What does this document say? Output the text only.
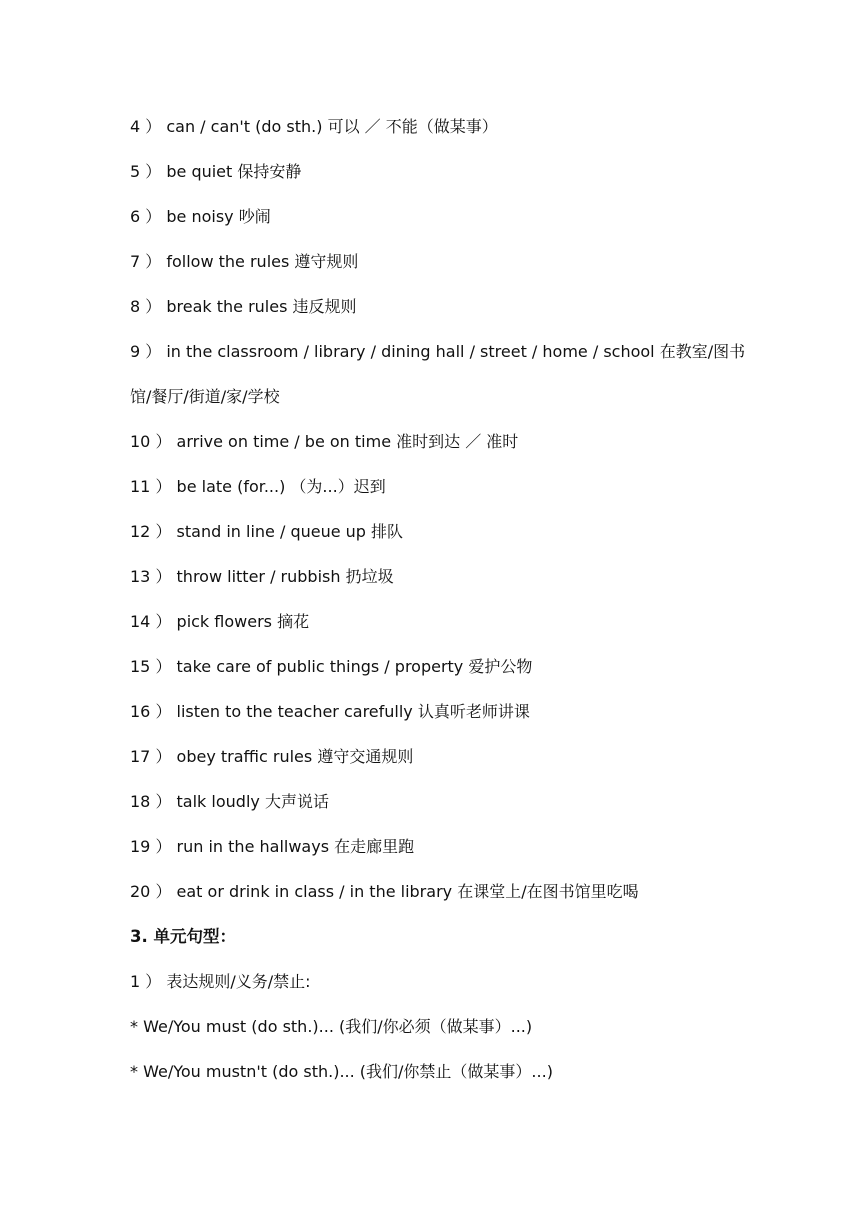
4 ） can / can't (do sth.) 可以 ／ 不能（做某事）
5 ） be quiet 保持安静
6 ） be noisy 吵闹
7 ） follow the rules 遵守规则
8 ） break the rules 违反规则
9 ） in the classroom / library / dining hall / street / home / school 在教室/图书
馆/餐厅/街道/家/学校
10 ） arrive on time / be on time 准时到达 ／ 准时
11 ） be late (for...) （为...）迟到
12 ） stand in line / queue up 排队
13 ） throw litter / rubbish 扔垃圾
14 ） pick flowers 摘花
15 ） take care of public things / property 爱护公物
16 ） listen to the teacher carefully 认真听老师讲课
17 ） obey traffic rules 遵守交通规则
18 ） talk loudly 大声说话
19 ） run in the hallways 在走廊里跑
20 ） eat or drink in class / in the library 在课堂上/在图书馆里吃喝
3. 单元句型：
1 ） 表达规则/义务/禁止:
* We/You must (do sth.)... (我们/你必须（做某事）...)
* We/You mustn't (do sth.)... (我们/你禁止（做某事）...)
